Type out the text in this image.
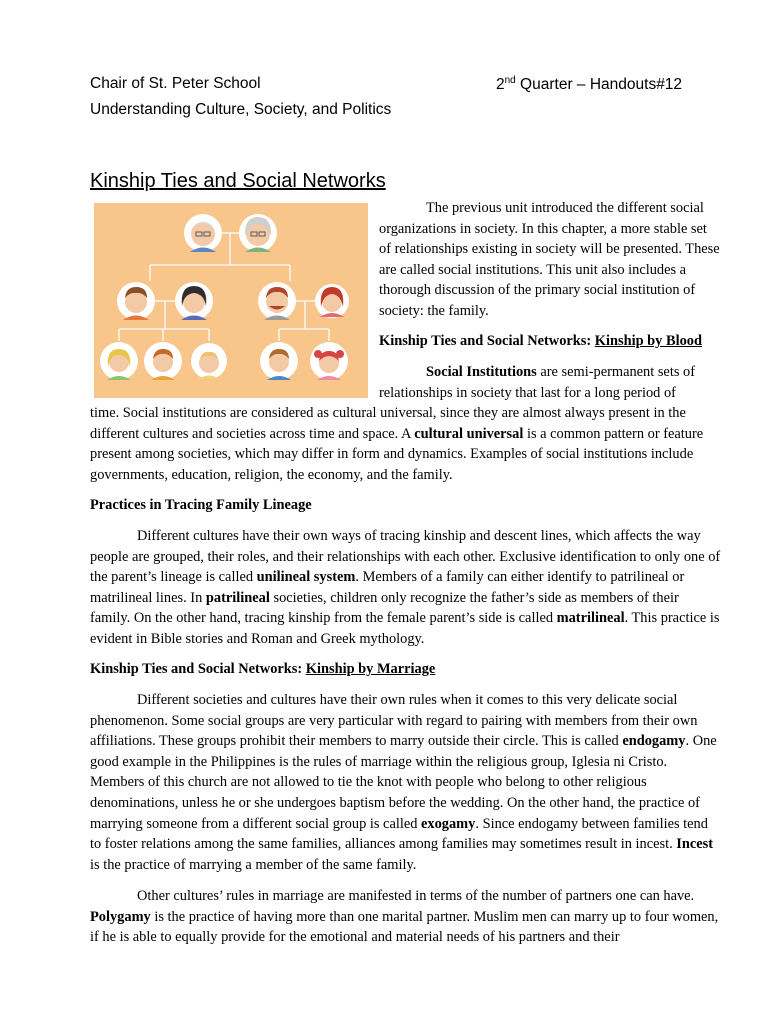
Chair of St. Peter School	2nd Quarter – Handouts#12
Understanding Culture, Society, and Politics
Kinship Ties and Social Networks

The previous unit introduced the different social organizations in society. In this chapter, a more stable set of relationships existing in society will be presented. These are called social institutions. This unit also includes a thorough discussion of the primary social institution of society: the family.

Kinship Ties and Social Networks: Kinship by Blood

Social Institutions are semi-permanent sets of relationships in society that last for a long period of

time. Social institutions are considered as cultural universal, since they are almost always present in the different cultures and societies across time and space. A cultural universal is a common pattern or feature present among societies, which may differ in form and dynamics. Examples of social institutions include governments, education, religion, the economy, and the family.

Practices in Tracing Family Lineage

Different cultures have their own ways of tracing kinship and descent lines, which affects the way people are grouped, their roles, and their relationships with each other. Exclusive identification to only one of the parent’s lineage is called unilineal system. Members of a family can either identify to patrilineal or matrilineal lines. In patrilineal societies, children only recognize the father’s side as members of their family. On the other hand, tracing kinship from the female parent’s side is called matrilineal. This practice is evident in Bible stories and Roman and Greek mythology.

Kinship Ties and Social Networks: Kinship by Marriage

Different societies and cultures have their own rules when it comes to this very delicate social phenomenon. Some social groups are very particular with regard to pairing with members from their own affiliations. These groups prohibit their members to marry outside their circle. This is called endogamy. One good example in the Philippines is the rules of marriage within the religious group, Iglesia ni Cristo. Members of this church are not allowed to tie the knot with people who belong to other religious denominations, unless he or she undergoes baptism before the wedding. On the other hand, the practice of marrying someone from a different social group is called exogamy. Since endogamy between families tend to foster relations among the same families, alliances among families may sometimes result in incest. Incest is the practice of marrying a member of the same family.

Other cultures’ rules in marriage are manifested in terms of the number of partners one can have. Polygamy is the practice of having more than one marital partner. Muslim men can marry up to four women, if he is able to equally provide for the emotional and material needs of his partners and their
